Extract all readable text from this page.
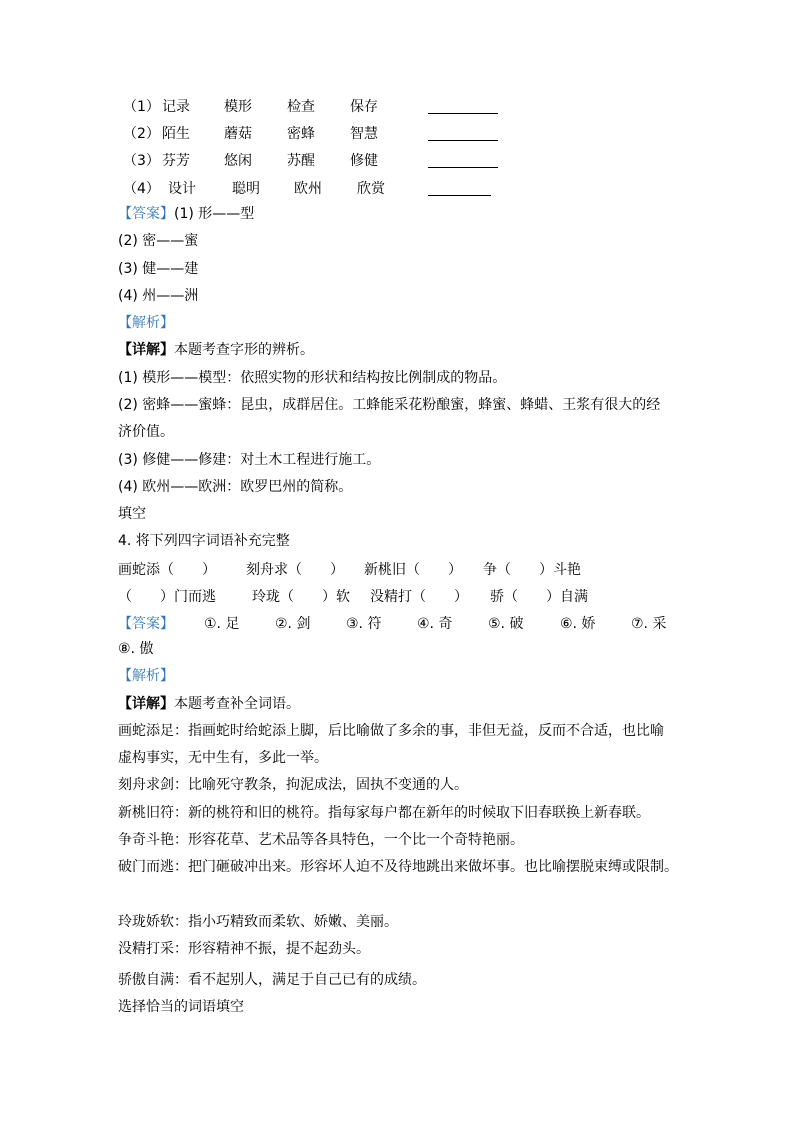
（1） 记录 模形	检查	保存
（2） 陌生 蘑菇	密蜂	智慧
（3） 芬芳 悠闲	苏醒	修健
（4） 设计	聪明 欧州	欣赏
【答案】(1) 形——型
(2) 密——蜜
(3) 健——建
(4) 州——洲
【解析】
【详解】本题考查字形的辨析。
(1) 模形——模型：依照实物的形状和结构按比例制成的物品。
(2) 密蜂——蜜蜂：昆虫，成群居住。工蜂能采花粉酿蜜，蜂蜜、蜂蜡、王浆有很大的经
济价值。
(3) 修健——修建：对土木工程进行施工。
(4) 欧州——欧洲：欧罗巴州的简称。
填空
4. 将下列四字词语补充完整
画蛇添（　　） 刻舟求（　　） 新桃旧（　　） 争（　　）斗艳
（　　）门而逃	玲珑（　　）软 没精打（　　） 骄（　　）自满
【答案】 ①. 足	②. 剑	③. 符	④. 奇	⑤. 破	⑥. 娇	⑦. 采
⑧. 傲
【解析】
【详解】本题考查补全词语。
画蛇添足：指画蛇时给蛇添上脚，后比喻做了多余的事，非但无益，反而不合适，也比喻
虚构事实，无中生有，多此一举。
刻舟求剑：比喻死守教条，拘泥成法，固执不变通的人。
新桃旧符：新的桃符和旧的桃符。指每家每户都在新年的时候取下旧春联换上新春联。
争奇斗艳：形容花草、艺术品等各具特色，一个比一个奇特艳丽。
破门而逃：把门砸破冲出来。形容坏人迫不及待地跳出来做坏事。也比喻摆脱束缚或限制。
玲珑娇软：指小巧精致而柔软、娇嫩、美丽。
没精打采：形容精神不振，提不起劲头。
骄傲自满：看不起别人，满足于自己已有的成绩。
选择恰当的词语填空
